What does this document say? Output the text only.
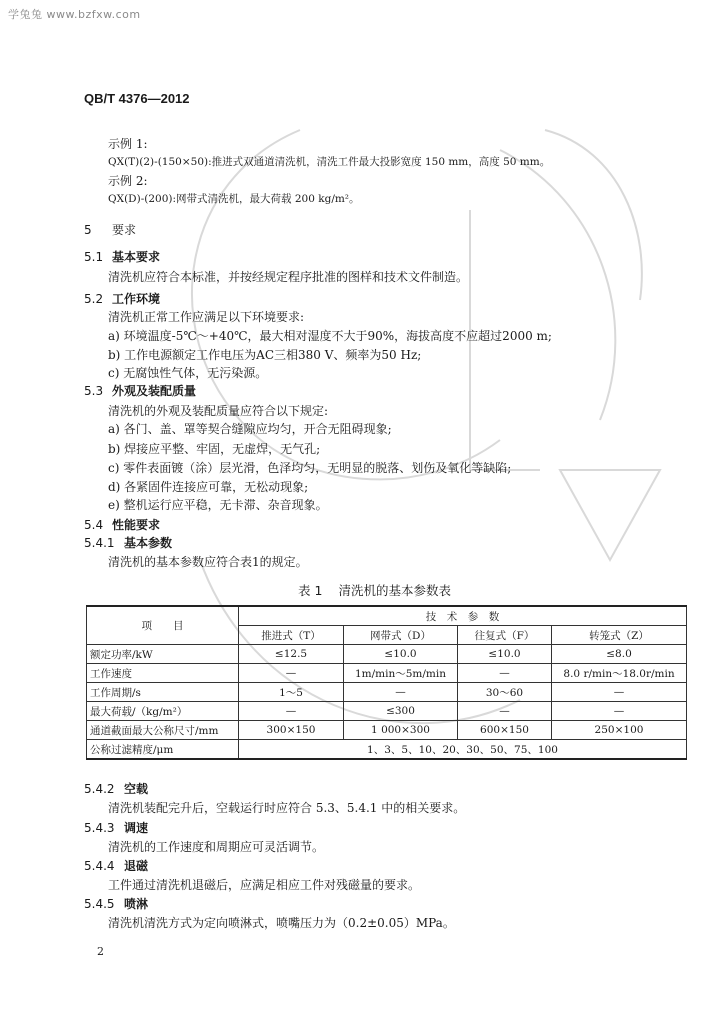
学兔兔 www.bzfxw.com
QB/T 4376—2012
示例 1:
QX(T)(2)-(150×50):推进式双通道清洗机，清洗工件最大投影宽度 150 mm，高度 50 mm。
示例 2:
QX(D)-(200):网带式清洗机，最大荷载 200 kg/m²。
5 要求
5.1 基本要求
清洗机应符合本标准，并按经规定程序批准的图样和技术文件制造。
5.2 工作环境
清洗机正常工作应满足以下环境要求:
a) 环境温度-5℃～+40℃，最大相对湿度不大于90%，海拔高度不应超过2000 m;
b) 工作电源额定工作电压为AC三相380 V、频率为50 Hz;
c) 无腐蚀性气体，无污染源。
5.3 外观及装配质量
清洗机的外观及装配质量应符合以下规定:
a) 各门、盖、罩等契合缝隙应均匀，开合无阻碍现象;
b) 焊接应平整、牢固，无虚焊，无气孔;
c) 零件表面镀（涂）层光滑，色泽均匀，无明显的脱落、划伤及氧化等缺陷;
d) 各紧固件连接应可靠，无松动现象;
e) 整机运行应平稳，无卡滞、杂音现象。
5.4 性能要求
5.4.1 基本参数
清洗机的基本参数应符合表1的规定。
表 1 清洗机的基本参数表
项　　目	技　术　参　数			
	推进式（T）	网带式（D）	往复式（F）	转笼式（Z）
额定功率/kW	≤12.5	≤10.0	≤10.0	≤8.0
工作速度	—	1m/min～5m/min	—	8.0 r/min～18.0r/min
工作周期/s	1～5	—	30～60	—
最大荷载/（kg/m²）	—	≤300	—	—
通道截面最大公称尺寸/mm	300×150	1 000×300	600×150	250×100
公称过滤精度/μm	1、3、5、10、20、30、50、75、100			
5.4.2 空载
清洗机装配完升后，空载运行时应符合 5.3、5.4.1 中的相关要求。
5.4.3 调速
清洗机的工作速度和周期应可灵活调节。
5.4.4 退磁
工件通过清洗机退磁后，应满足相应工件对残磁量的要求。
5.4.5 喷淋
清洗机清洗方式为定向喷淋式，喷嘴压力为（0.2±0.05）MPa。
2
